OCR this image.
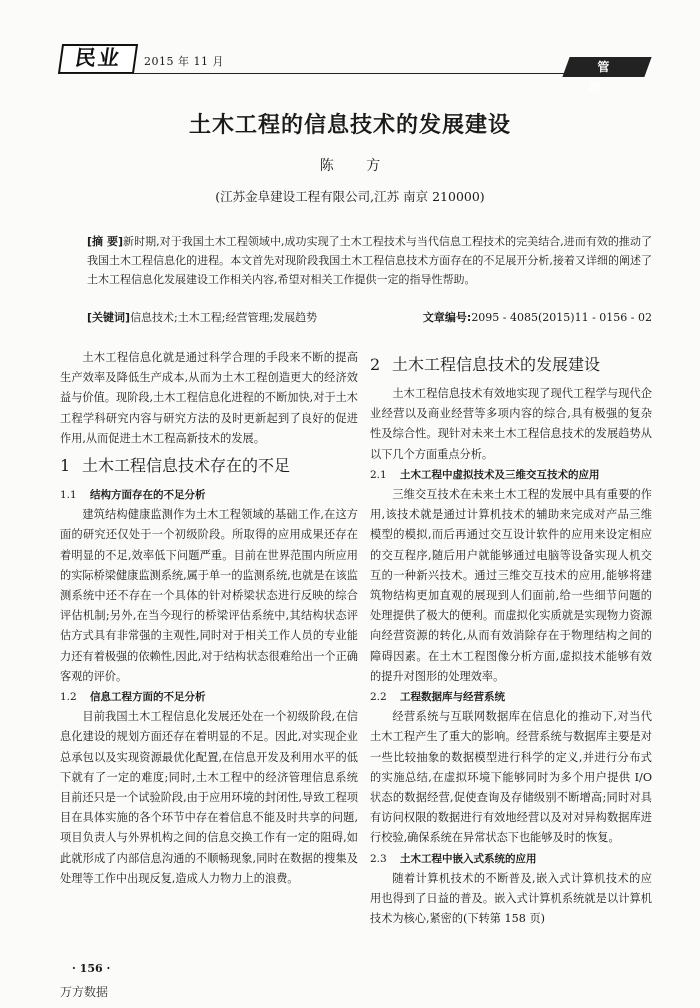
民业	2015 年 11 月	管 理
土木工程的信息技术的发展建设
陈 方
(江苏金阜建设工程有限公司,江苏 南京 210000)
[摘 要]新时期,对于我国土木工程领域中,成功实现了土木工程技术与当代信息工程技术的完美结合,进而有效的推动了我国土木工程信息化的进程。本文首先对现阶段我国土木工程信息技术方面存在的不足展开分析,接着又详细的阐述了土木工程信息化发展建设工作相关内容,希望对相关工作提供一定的指导性帮助。
[关键词]信息技术;土木工程;经营管理;发展趋势	文章编号:2095 - 4085(2015)11 - 0156 - 02

土木工程信息化就是通过科学合理的手段来不断的提高生产效率及降低生产成本,从而为土木工程创造更大的经济效益与价值。现阶段,土木工程信息化进程的不断加快,对于土木工程学科研究内容与研究方法的及时更新起到了良好的促进作用,从而促进土木工程高新技术的发展。

1 土木工程信息技术存在的不足
1.1 结构方面存在的不足分析

建筑结构健康监测作为土木工程领域的基础工作,在这方面的研究还仅处于一个初级阶段。所取得的应用成果还存在着明显的不足,效率低下问题严重。目前在世界范围内所应用的实际桥梁健康监测系统,属于单一的监测系统,也就是在该监测系统中还不存在一个具体的针对桥梁状态进行反映的综合评估机制;另外,在当今现行的桥梁评估系统中,其结构状态评估方式具有非常强的主观性,同时对于相关工作人员的专业能力还有着极强的依赖性,因此,对于结构状态很难给出一个正确客观的评价。

1.2 信息工程方面的不足分析

目前我国土木工程信息化发展还处在一个初级阶段,在信息化建设的规划方面还存在着明显的不足。因此,对实现企业总承包以及实现资源最优化配置,在信息开发及利用水平的低下就有了一定的难度;同时,土木工程中的经济管理信息系统目前还只是一个试验阶段,由于应用环境的封闭性,导致工程项目在具体实施的各个环节中存在着信息不能及时共享的问题,项目负责人与外界机构之间的信息交换工作有一定的阻碍,如此就形成了内部信息沟通的不顺畅现象,同时在数据的搜集及处理等工作中出现反复,造成人力物力上的浪费。

2 土木工程信息技术的发展建设

土木工程信息技术有效地实现了现代工程学与现代企业经营以及商业经营等多项内容的综合,具有极强的复杂性及综合性。现针对未来土木工程信息技术的发展趋势从以下几个方面重点分析。

2.1 土木工程中虚拟技术及三维交互技术的应用

三维交互技术在未来土木工程的发展中具有重要的作用,该技术就是通过计算机技术的辅助来完成对产品三维模型的模拟,而后再通过交互设计软件的应用来设定相应的交互程序,随后用户就能够通过电脑等设备实现人机交互的一种新兴技术。通过三维交互技术的应用,能够将建筑物结构更加直观的展现到人们面前,给一些细节问题的处理提供了极大的便利。而虚拟化实质就是实现物力资源向经营资源的转化,从而有效消除存在于物理结构之间的障碍因素。在土木工程图像分析方面,虚拟技术能够有效的提升对图形的处理效率。

2.2 工程数据库与经营系统

经营系统与互联网数据库在信息化的推动下,对当代土木工程产生了重大的影响。经营系统与数据库主要是对一些比较抽象的数据模型进行科学的定义,并进行分布式的实施总结,在虚拟环境下能够同时为多个用户提供 I/O 状态的数据经营,促使查询及存储级别不断增高;同时对具有访问权限的数据进行有效地经营以及对对异构数据库进行校验,确保系统在异常状态下也能够及时的恢复。

2.3 土木工程中嵌入式系统的应用

随着计算机技术的不断普及,嵌入式计算机技术的应用也得到了日益的普及。嵌入式计算机系统就是以计算机技术为核心,紧密的(下转第 158 页)

· 156 ·
万方数据
